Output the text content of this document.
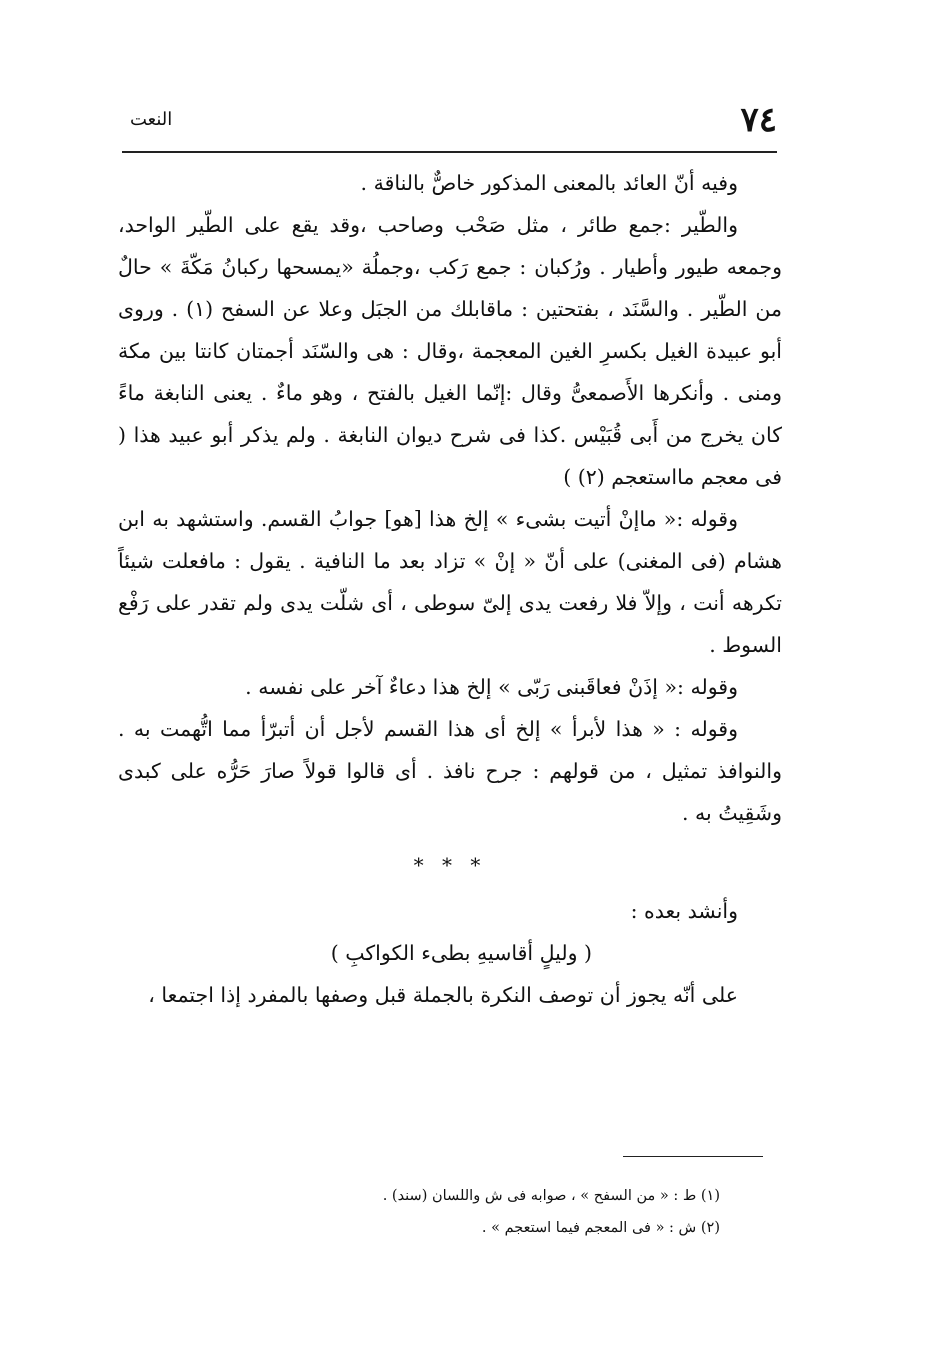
٧٤
النعت

وفيه أنّ العائد بالمعنى المذكور خاصٌّ بالناقة .

والطّير :جمع طائر ، مثل صَحْب وصاحب ،وقد يقع على الطّير الواحد، وجمعه طيور وأطيار . ورُكبان : جمع رَكب ،وجملُة «يمسحها ركبانُ مَكّةَ » حالٌ من الطّير . والسَّنَد ، بفتحتين : ماقابلك من الجبَل وعلا عن السفح (١) . وروى أبو عبيدة الغيل بكسرِ الغين المعجمة ،وقال : هى والسّنَد أجمتان كانتا بين مكة ومنى . وأنكرها الأَصمعىُّ وقال :إنّما الغيل بالفتح ، وهو ماءٌ . يعنى النابغة ماءً كان يخرج من أَبى قُبَيْس .كذا فى شرح ديوان النابغة . ولم يذكر أبو عبيد هذا ( فى معجم مااستعجم (٢) )

وقوله :« ماإنْ أتيت بشىء » إلخ هذا [هو] جوابُ القسم. واستشهد به ابن هشام (فى المغنى) على أنّ « إنْ » تزاد بعد ما النافية . يقول : مافعلت شيئاً تكرهه أنت ، وإلاّ فلا رفعت يدى إلىّ سوطى ، أى شلّت يدى ولم تقدر على رَفْع السوط .

وقوله :« إذَنْ فعاقَبنى رَبّى » إلخ هذا دعاءٌ آخر على نفسه .

وقوله : « هذا لأبرأ » إلخ أى هذا القسم لأجل أن أتبرّأ مما اتُّهمت به . والنوافذ تمثيل ، من قولهم : جرح نافذ . أى قالوا قولاً صارَ حَرُّه على كبدى وشَقِيتُ به .

* * *

وأنشد بعده :

( وليلٍ أقاسيهِ بطىء الكواكبِ )

على أنّه يجوز أن توصف النكرة بالجملة قبل وصفها بالمفرد إذا اجتمعا ،

(١) ط : « من السفح » ، صوابه فى ش واللسان (سند) .

(٢) ش : « فى المعجم فيما استعجم » .
